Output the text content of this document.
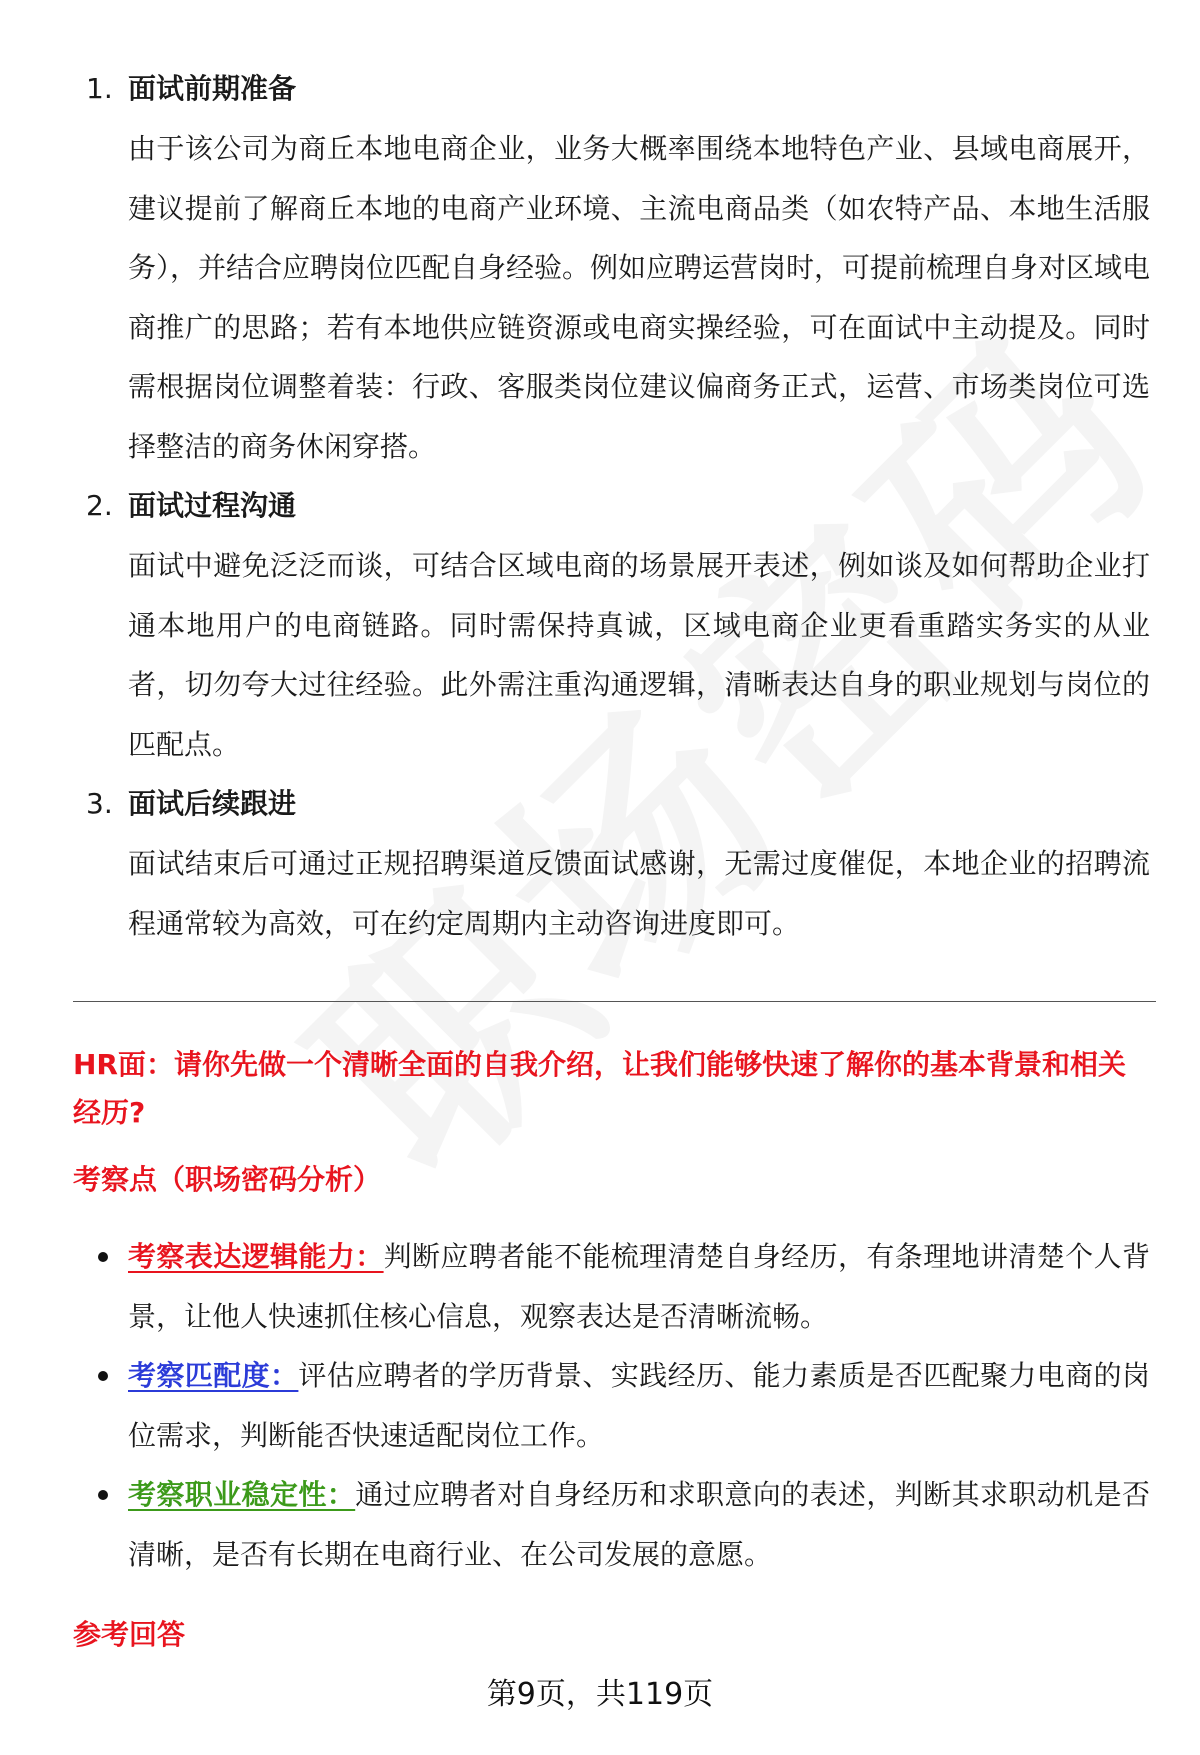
1. 面试前期准备

由于该公司为商丘本地电商企业，业务大概率围绕本地特色产业、县域电商展开，建议提前了解商丘本地的电商产业环境、主流电商品类（如农特产品、本地生活服务），并结合应聘岗位匹配自身经验。例如应聘运营岗时，可提前梳理自身对区域电商推广的思路；若有本地供应链资源或电商实操经验，可在面试中主动提及。同时需根据岗位调整着装：行政、客服类岗位建议偏商务正式，运营、市场类岗位可选择整洁的商务休闲穿搭。

2. 面试过程沟通

面试中避免泛泛而谈，可结合区域电商的场景展开表述，例如谈及如何帮助企业打通本地用户的电商链路。同时需保持真诚，区域电商企业更看重踏实务实的从业者，切勿夸大过往经验。此外需注重沟通逻辑，清晰表达自身的职业规划与岗位的匹配点。

3. 面试后续跟进

面试结束后可通过正规招聘渠道反馈面试感谢，无需过度催促，本地企业的招聘流程通常较为高效，可在约定周期内主动咨询进度即可。

HR面：请你先做一个清晰全面的自我介绍，让我们能够快速了解你的基本背景和相关经历?

考察点（职场密码分析）

考察表达逻辑能力：判断应聘者能不能梳理清楚自身经历，有条理地讲清楚个人背景，让他人快速抓住核心信息，观察表达是否清晰流畅。
考察匹配度：评估应聘者的学历背景、实践经历、能力素质是否匹配聚力电商的岗位需求，判断能否快速适配岗位工作。
考察职业稳定性：通过应聘者对自身经历和求职意向的表述，判断其求职动机是否清晰，是否有长期在电商行业、在公司发展的意愿。

参考回答

第9页，共119页
